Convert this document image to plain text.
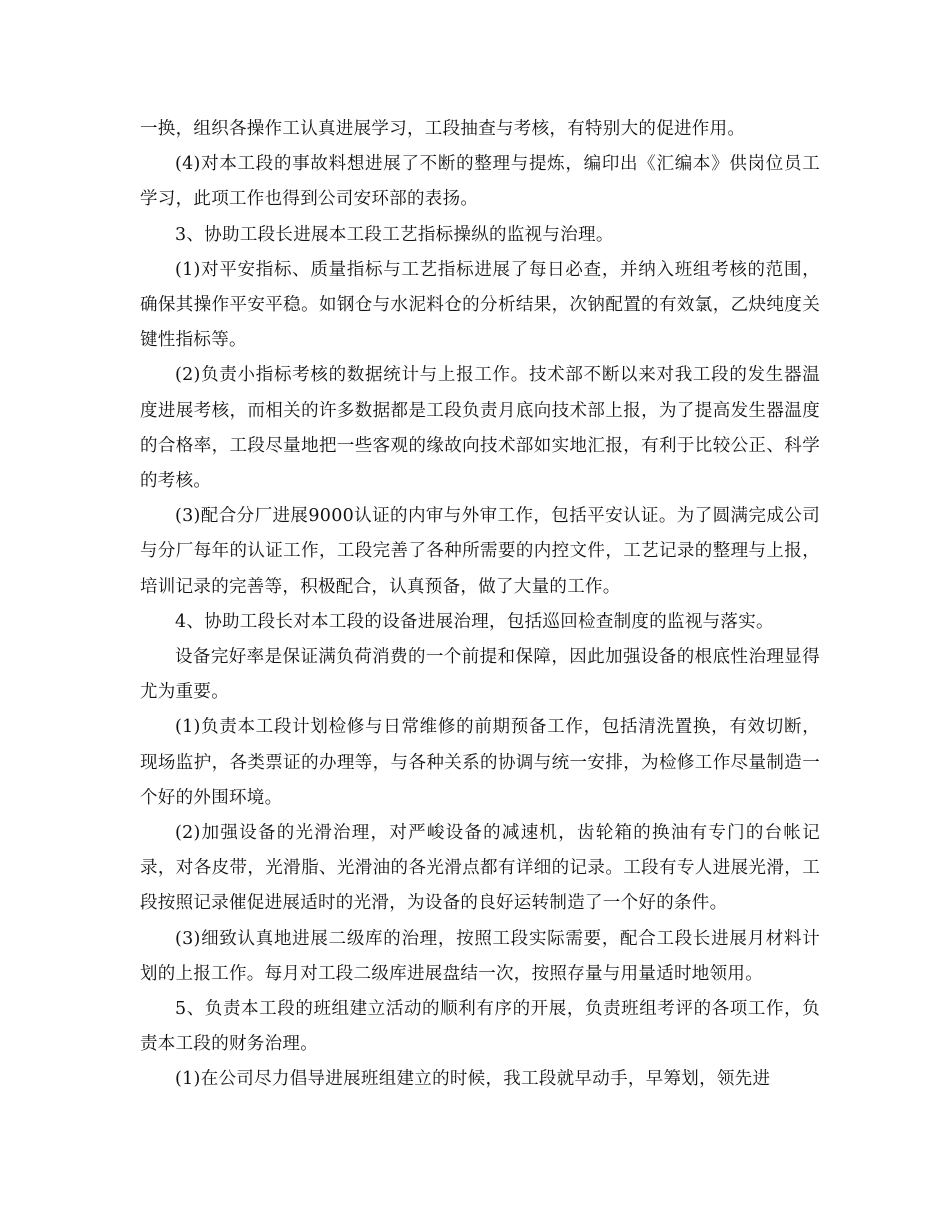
一换，组织各操作工认真进展学习，工段抽查与考核，有特别大的促进作用。

(4)对本工段的事故料想进展了不断的整理与提炼，编印出《汇编本》供岗位员工学习，此项工作也得到公司安环部的表扬。

3、协助工段长进展本工段工艺指标操纵的监视与治理。

(1)对平安指标、质量指标与工艺指标进展了每日必查，并纳入班组考核的范围，确保其操作平安平稳。如钢仓与水泥料仓的分析结果，次钠配置的有效氯，乙炔纯度关键性指标等。

(2)负责小指标考核的数据统计与上报工作。技术部不断以来对我工段的发生器温度进展考核，而相关的许多数据都是工段负责月底向技术部上报，为了提高发生器温度的合格率，工段尽量地把一些客观的缘故向技术部如实地汇报，有利于比较公正、科学的考核。

(3)配合分厂进展9000认证的内审与外审工作，包括平安认证。为了圆满完成公司与分厂每年的认证工作，工段完善了各种所需要的内控文件，工艺记录的整理与上报，培训记录的完善等，积极配合，认真预备，做了大量的工作。

4、协助工段长对本工段的设备进展治理，包括巡回检查制度的监视与落实。

设备完好率是保证满负荷消费的一个前提和保障，因此加强设备的根底性治理显得尤为重要。

(1)负责本工段计划检修与日常维修的前期预备工作，包括清洗置换，有效切断，现场监护，各类票证的办理等，与各种关系的协调与统一安排，为检修工作尽量制造一个好的外围环境。

(2)加强设备的光滑治理，对严峻设备的减速机，齿轮箱的换油有专门的台帐记录，对各皮带，光滑脂、光滑油的各光滑点都有详细的记录。工段有专人进展光滑，工段按照记录催促进展适时的光滑，为设备的良好运转制造了一个好的条件。

(3)细致认真地进展二级库的治理，按照工段实际需要，配合工段长进展月材料计划的上报工作。每月对工段二级库进展盘结一次，按照存量与用量适时地领用。

5、负责本工段的班组建立活动的顺利有序的开展，负责班组考评的各项工作，负责本工段的财务治理。

(1)在公司尽力倡导进展班组建立的时候，我工段就早动手，早筹划，领先进
